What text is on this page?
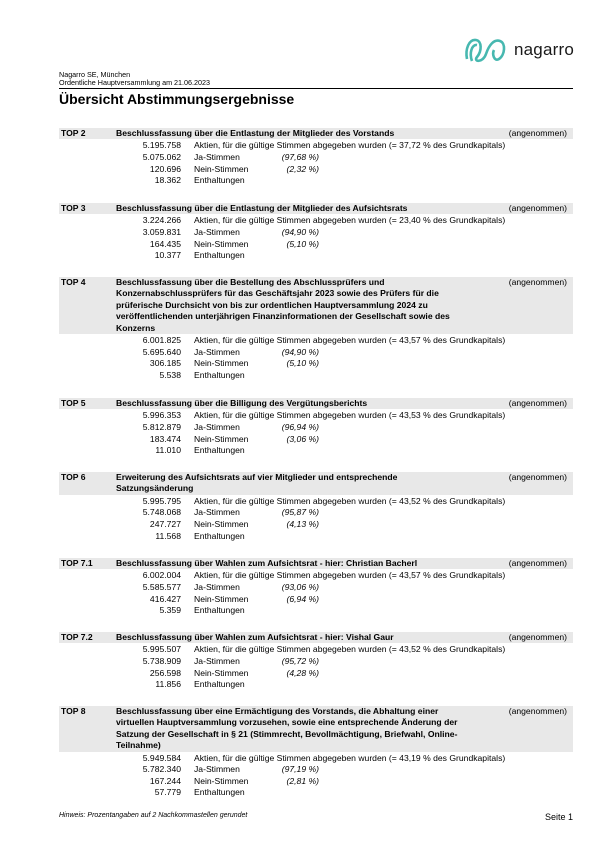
nagarro
Nagarro SE, München
Ordentliche Hauptversammlung am 21.06.2023
Übersicht Abstimmungsergebnisse
TOP 2	Beschlussfassung über die Entlastung der Mitglieder des Vorstands	(angenommen)
5.195.758 Aktien, für die gültige Stimmen abgegeben wurden (= 37,72 % des Grundkapitals)
5.075.062 Ja-Stimmen	(97,68 %)
120.696 Nein-Stimmen	(2,32 %)
18.362 Enthaltungen
TOP 3	Beschlussfassung über die Entlastung der Mitglieder des Aufsichtsrats	(angenommen)
3.224.266 Aktien, für die gültige Stimmen abgegeben wurden (= 23,40 % des Grundkapitals)
3.059.831 Ja-Stimmen	(94,90 %)
164.435 Nein-Stimmen	(5,10 %)
10.377 Enthaltungen
TOP 4	Beschlussfassung über die Bestellung des Abschlussprüfers und Konzernabschlussprüfers für das Geschäftsjahr 2023 sowie des Prüfers für die prüferische Durchsicht von bis zur ordentlichen Hauptversammlung 2024 zu veröffentlichenden unterjährigen Finanzinformationen der Gesellschaft sowie des Konzerns
(angenommen)
6.001.825 Aktien, für die gültige Stimmen abgegeben wurden (= 43,57 % des Grundkapitals)
5.695.640 Ja-Stimmen	(94,90 %)
306.185 Nein-Stimmen	(5,10 %)
5.538 Enthaltungen
TOP 5	Beschlussfassung über die Billigung des Vergütungsberichts	(angenommen)
5.996.353 Aktien, für die gültige Stimmen abgegeben wurden (= 43,53 % des Grundkapitals)
5.812.879 Ja-Stimmen	(96,94 %)
183.474 Nein-Stimmen	(3,06 %)
11.010 Enthaltungen
TOP 6	Erweiterung des Aufsichtsrats auf vier Mitglieder und entsprechende Satzungsänderung
(angenommen)
5.995.795 Aktien, für die gültige Stimmen abgegeben wurden (= 43,52 % des Grundkapitals)
5.748.068 Ja-Stimmen	(95,87 %)
247.727 Nein-Stimmen	(4,13 %)
11.568 Enthaltungen
TOP 7.1	Beschlussfassung über Wahlen zum Aufsichtsrat - hier: Christian Bacherl	(angenommen)
6.002.004 Aktien, für die gültige Stimmen abgegeben wurden (= 43,57 % des Grundkapitals)
5.585.577 Ja-Stimmen	(93,06 %)
416.427 Nein-Stimmen	(6,94 %)
5.359 Enthaltungen
TOP 7.2	Beschlussfassung über Wahlen zum Aufsichtsrat - hier: Vishal Gaur	(angenommen)
5.995.507 Aktien, für die gültige Stimmen abgegeben wurden (= 43,52 % des Grundkapitals)
5.738.909 Ja-Stimmen	(95,72 %)
256.598 Nein-Stimmen	(4,28 %)
11.856 Enthaltungen
TOP 8	Beschlussfassung über eine Ermächtigung des Vorstands, die Abhaltung einer virtuellen Hauptversammlung vorzusehen, sowie eine entsprechende Änderung der Satzung der Gesellschaft in § 21 (Stimmrecht, Bevollmächtigung, Briefwahl, Online-Teilnahme)
(angenommen)
5.949.584 Aktien, für die gültige Stimmen abgegeben wurden (= 43,19 % des Grundkapitals)
5.782.340 Ja-Stimmen	(97,19 %)
167.244 Nein-Stimmen	(2,81 %)
57.779 Enthaltungen
Hinweis: Prozentangaben auf 2 Nachkommastellen gerundet	Seite 1
